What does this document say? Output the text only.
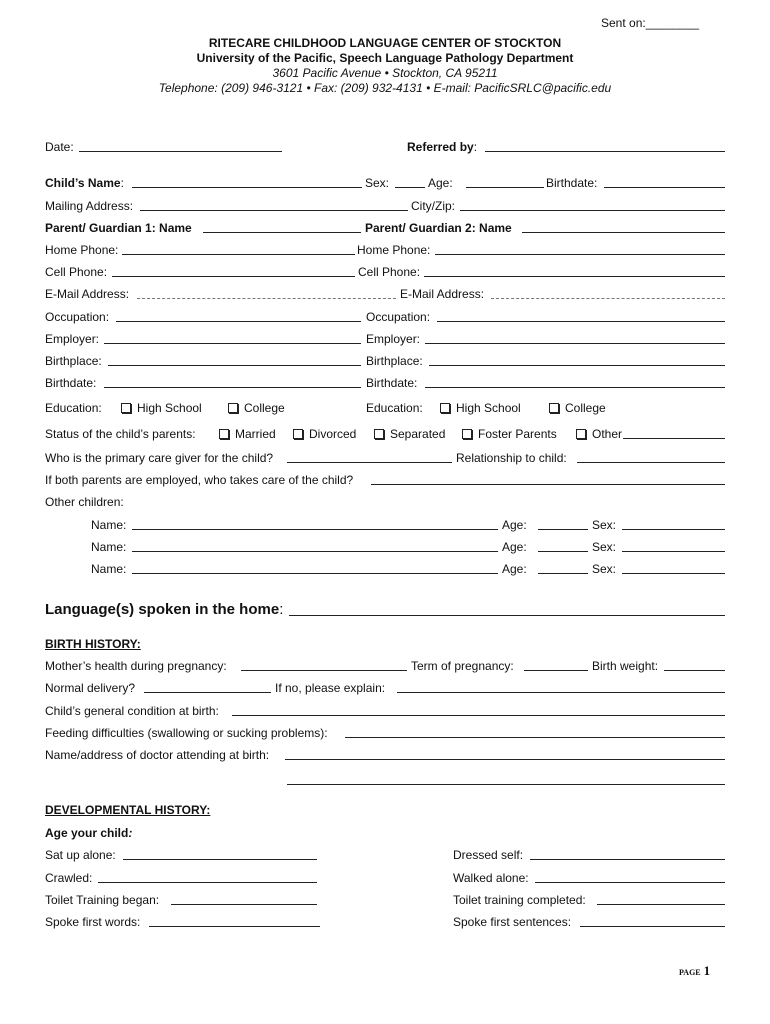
Sent on:________
RITECARE CHILDHOOD LANGUAGE CENTER OF STOCKTON
University of the Pacific, Speech Language Pathology Department
3601 Pacific Avenue • Stockton, CA 95211
Telephone: (209) 946-3121 • Fax: (209) 932-4131 • E-mail: PacificSRLC@pacific.edu
Date:	Referred by:
Child’s Name:	Sex:	Age:	Birthdate:
Mailing Address:	City/Zip:
Parent/ Guardian 1: Name	Parent/ Guardian 2: Name
Home Phone:	Home Phone:
Cell Phone:	Cell Phone:
E-Mail Address:	E-Mail Address:
Occupation:	Occupation:
Employer:	Employer:
Birthplace:	Birthplace:
Birthdate:	Birthdate:
Education:	High School	College	Education:	High School	College
Status of the child’s parents:	Married	Divorced	Separated	Foster Parents	Other
Who is the primary care giver for the child?	Relationship to child:
If both parents are employed, who takes care of the child?
Other children:
Name:	Age:	Sex:
Name:	Age:	Sex:
Name:	Age:	Sex:
Language(s) spoken in the home:
BIRTH HISTORY:
Mother’s health during pregnancy:	Term of pregnancy:	Birth weight:
Normal delivery?	If no, please explain:
Child’s general condition at birth:
Feeding difficulties (swallowing or sucking problems):
Name/address of doctor attending at birth:
DEVELOPMENTAL HISTORY:
Age your child:
Sat up alone:	Dressed self:
Crawled:	Walked alone:
Toilet Training began:	Toilet training completed:
Spoke first words:	Spoke first sentences:
PAGE 1
